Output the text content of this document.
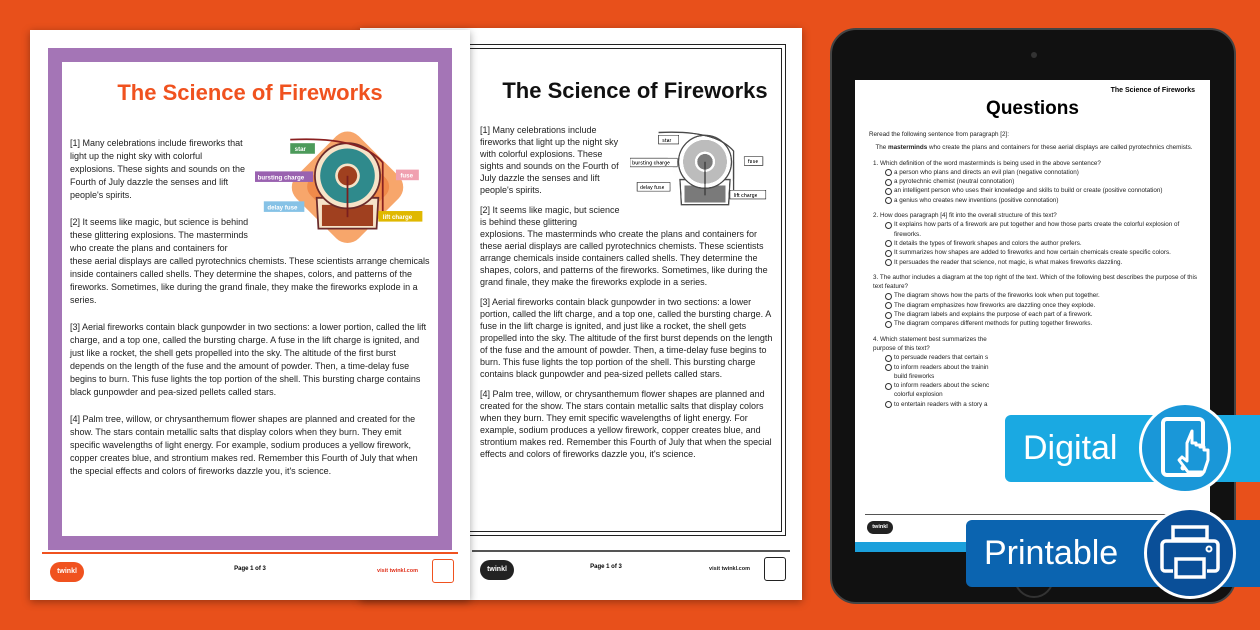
The Science of Fireworks
star
bursting charge	fuse
delay fuse
lift charge

[1] Many celebrations include fireworks that light up the night sky with colorful explosions. These sights and sounds on the Fourth of July dazzle the senses and lift people's spirits.

[2] It seems like magic, but science is behind these glittering explosions. The masterminds who create the plans and containers for these aerial displays are called pyrotechnics chemists. These scientists arrange chemicals inside containers called shells. They determine the shapes, colors, and patterns of the fireworks. Sometimes, like during the grand finale, they make the fireworks explode in a series.

[3] Aerial fireworks contain black gunpowder in two sections: a lower portion, called the lift charge, and a top one, called the bursting charge. A fuse in the lift charge is ignited, and just like a rocket, the shell gets propelled into the sky. The altitude of the first burst depends on the length of the fuse and the amount of powder. Then, a time-delay fuse begins to burn. This fuse lights the top portion of the shell. This bursting charge contains black gunpowder and pea-sized pellets called stars.

[4] Palm tree, willow, or chrysanthemum flower shapes are planned and created for the show. The stars contain metallic salts that display colors when they burn. They emit specific wavelengths of light energy. For example, sodium produces a yellow firework, copper creates blue, and strontium makes red. Remember this Fourth of July that when the special effects and colors of fireworks dazzle you, it's science.

twinkl	Page 1 of 3	visit twinkl.com
The Science of Fireworks
star
bursting charge	fuse
delay fuse
lift charge

[1] Many celebrations include fireworks that light up the night sky with colorful explosions. These sights and sounds on the Fourth of July dazzle the senses and lift people's spirits.

[2] It seems like magic, but science is behind these glittering explosions. The masterminds who create the plans and containers for these aerial displays are called pyrotechnics chemists. These scientists arrange chemicals inside containers called shells. They determine the shapes, colors, and patterns of the fireworks. Sometimes, like during the grand finale, they make the fireworks explode in a series.

[3] Aerial fireworks contain black gunpowder in two sections: a lower portion, called the lift charge, and a top one, called the bursting charge. A fuse in the lift charge is ignited, and just like a rocket, the shell gets propelled into the sky. The altitude of the first burst depends on the length of the fuse and the amount of powder. Then, a time-delay fuse begins to burn. This fuse lights the top portion of the shell. This bursting charge contains black gunpowder and pea-sized pellets called stars.

[4] Palm tree, willow, or chrysanthemum flower shapes are planned and created for the show. The stars contain metallic salts that display colors when they burn. They emit specific wavelengths of light energy. For example, sodium produces a yellow firework, copper creates blue, and strontium makes red. Remember this Fourth of July that when the special effects and colors of fireworks dazzle you, it's science.

twinkl	Page 1 of 3	visit twinkl.com
The Science of Fireworks
Questions
Reread the following sentence from paragraph [2]:
The masterminds who create the plans and containers for these aerial displays are called pyrotechnics chemists.
1. Which definition of the word masterminds is being used in the above sentence?
a person who plans and directs an evil plan (negative connotation)
a pyrotechnic chemist (neutral connotation)
an intelligent person who uses their knowledge and skills to build or create (positive connotation)
a genius who creates new inventions (positive connotation)
2. How does paragraph [4] fit into the overall structure of this text?
It explains how parts of a firework are put together and how those parts create the colorful explosion of fireworks.
It details the types of firework shapes and colors the author prefers.
It summarizes how shapes are added to fireworks and how certain chemicals create specific colors.
It persuades the reader that science, not magic, is what makes fireworks dazzling.
3. The author includes a diagram at the top right of the text. Which of the following best describes the purpose of this text feature?
The diagram shows how the parts of the fireworks look when put together.
The diagram emphasizes how fireworks are dazzling once they explode.
The diagram labels and explains the purpose of each part of a firework.
The diagram compares different methods for putting together fireworks.
4. Which statement best summarizes the purpose of this text?
to persuade readers that certain s
to inform readers about the trainin build fireworks
to inform readers about the scienc colorful explosion
to entertain readers with a story a
twinkl
Digital
Printable
